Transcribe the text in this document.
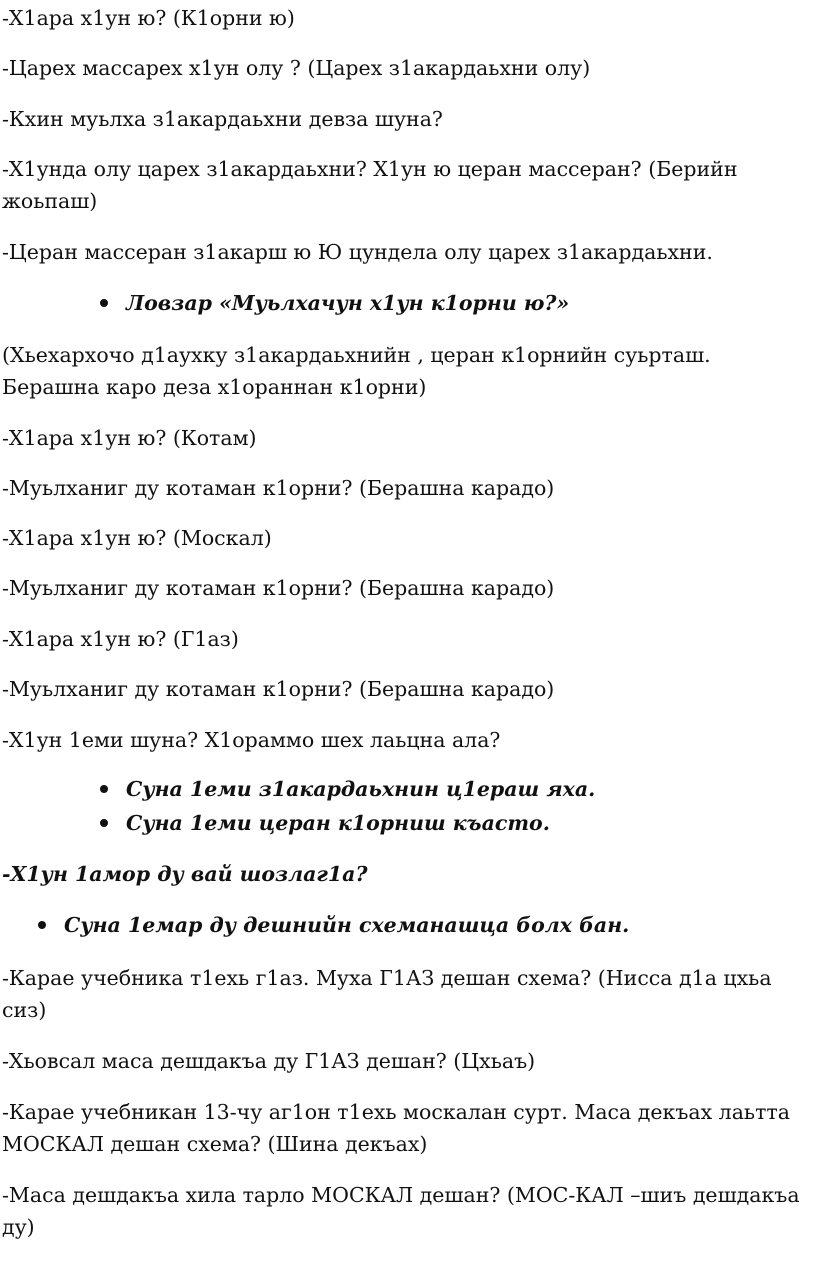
-Х1ара х1ун ю? (К1орни ю)
-Царех массарех х1ун олу ? (Царех з1акардаьхни олу)
-Кхин муьлха з1акардаьхни девза шуна?
-Х1унда олу царех з1акардаьхни? Х1ун ю церан массеран? (Берийн
жоьпаш)
-Церан массеран з1акарш ю Ю цундела олу царех з1акардаьхни.
Ловзар «Муьлхачун х1ун к1орни ю?»
(Хьехархочо д1аухку з1акардаьхнийн , церан к1орнийн суьрташ.
Берашна каро деза х1ораннан к1орни)
-Х1ара х1ун ю? (Котам)
-Муьлханиг ду котаман к1орни? (Берашна карадо)
-Х1ара х1ун ю? (Москал)
-Муьлханиг ду котаман к1орни? (Берашна карадо)
-Х1ара х1ун ю? (Г1аз)
-Муьлханиг ду котаман к1орни? (Берашна карадо)
-Х1ун 1еми шуна? Х1ораммо шех лаьцна ала?
Суна 1еми з1акардаьхнин ц1ераш яха.
Суна 1еми церан к1орниш къасто.
-Х1ун 1амор ду вай шозлаг1а?
Суна 1емар ду дешнийн схеманашца болх бан.
-Карае учебника т1ехь г1аз. Муха Г1АЗ дешан схема? (Нисса д1а цхьа
сиз)
-Хьовсал маса дешдакъа ду Г1АЗ дешан? (Цхьаъ)
-Карае учебникан 13-чу аг1он т1ехь москалан сурт. Маса декъах лаьтта
МОСКАЛ дешан схема? (Шина декъах)
-Маса дешдакъа хила тарло МОСКАЛ дешан? (МОС-КАЛ –шиъ дешдакъа
ду)
